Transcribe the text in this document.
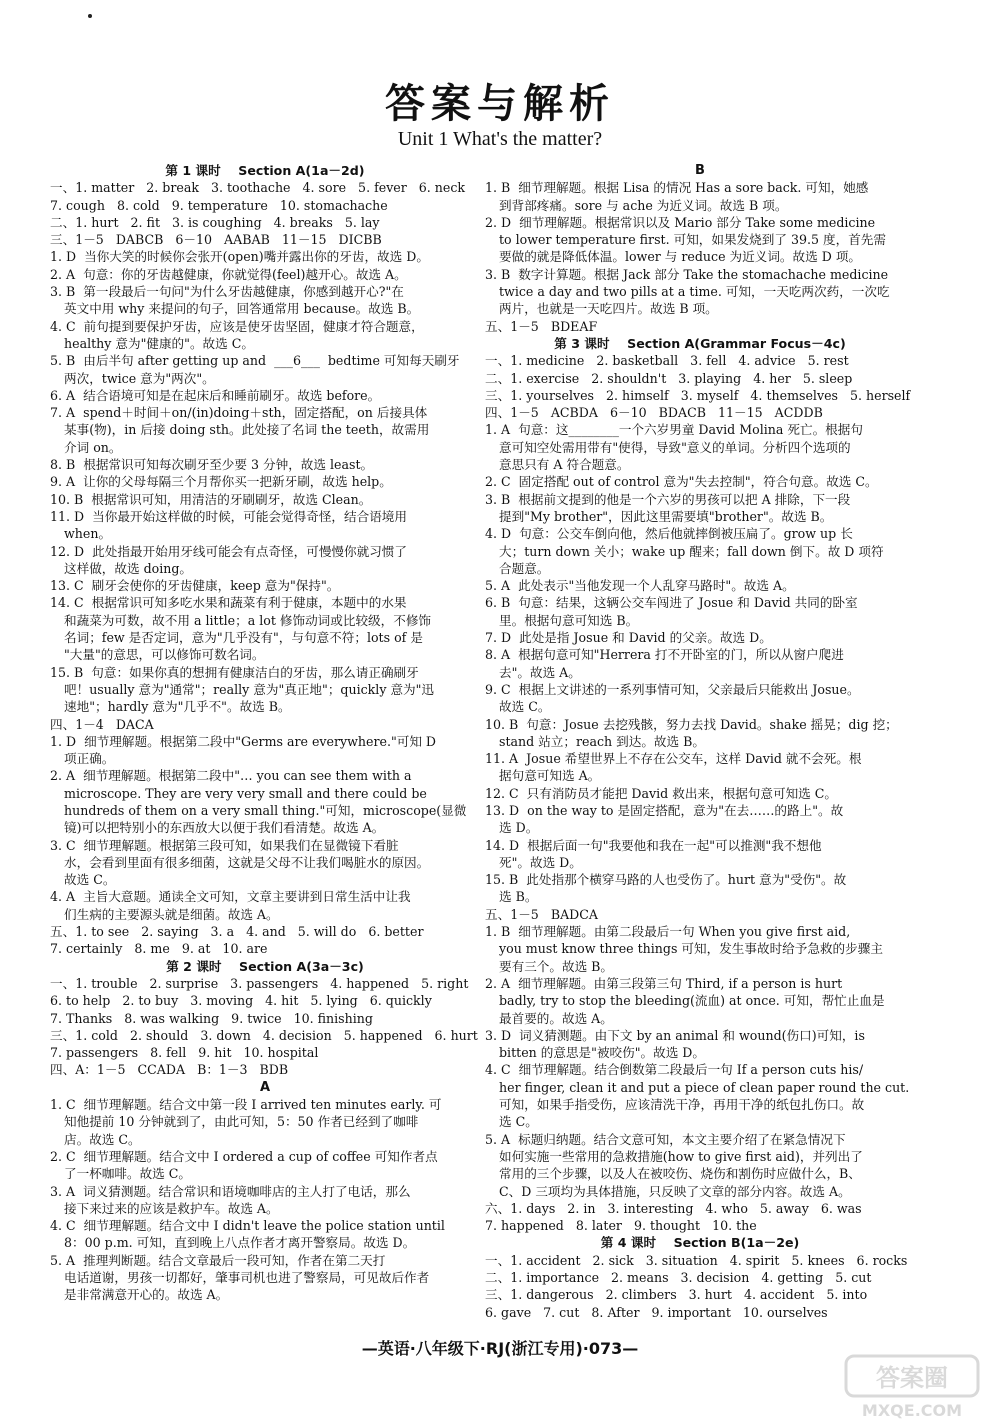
答案与解析
Unit 1 What's the matter?
第 1 课时    Section A(1a－2d)
一、1. matter   2. break   3. toothache   4. sore   5. fever   6. neck
7. cough   8. cold   9. temperature   10. stomachache
二、1. hurt   2. fit   3. is coughing   4. breaks   5. lay
三、1－5   DABCB   6－10   AABAB   11－15   DICBB
1. D  当你大笑的时候你会张开(open)嘴并露出你的牙齿，故选 D。
2. A  句意：你的牙齿越健康，你就觉得(feel)越开心。故选 A。
3. B  第一段最后一句问"为什么牙齿越健康，你感到越开心?"在
英文中用 why 来提问的句子，回答通常用 because。故选 B。
4. C  前句提到要保护牙齿，应该是使牙齿坚固，健康才符合题意，
healthy 意为"健康的"。故选 C。
5. B  由后半句 after getting up and  ___6___  bedtime 可知每天刷牙
两次，twice 意为"两次"。
6. A  结合语境可知是在起床后和睡前刷牙。故选 before。
7. A  spend＋时间＋on/(in)doing＋sth，固定搭配，on 后接具体
某事(物)，in 后接 doing sth。此处接了名词 the teeth，故需用
介词 on。
8. B  根据常识可知每次刷牙至少要 3 分钟，故选 least。
9. A  让你的父母每隔三个月帮你买一把新牙刷，故选 help。
10. B  根据常识可知，用清洁的牙刷刷牙，故选 Clean。
11. D  当你最开始这样做的时候，可能会觉得奇怪，结合语境用
when。
12. D  此处指最开始用牙线可能会有点奇怪，可慢慢你就习惯了
这样做，故选 doing。
13. C  刷牙会使你的牙齿健康，keep 意为"保持"。
14. C  根据常识可知多吃水果和蔬菜有利于健康，本题中的水果
和蔬菜为可数，故不用 a little；a lot 修饰动词或比较级，不修饰
名词；few 是否定词，意为"几乎没有"，与句意不符；lots of 是
"大量"的意思，可以修饰可数名词。
15. B  句意：如果你真的想拥有健康洁白的牙齿，那么请正确刷牙
吧！usually 意为"通常"；really 意为"真正地"；quickly 意为"迅
速地"；hardly 意为"几乎不"。故选 B。
四、1－4   DACA
1. D  细节理解题。根据第二段中"Germs are everywhere."可知 D
项正确。
2. A  细节理解题。根据第二段中"… you can see them with a
microscope. They are very very small and there could be
hundreds of them on a very small thing."可知，microscope(显微
镜)可以把特别小的东西放大以便于我们看清楚。故选 A。
3. C  细节理解题。根据第三段可知，如果我们在显微镜下看脏
水，会看到里面有很多细菌，这就是父母不让我们喝脏水的原因。
故选 C。
4. A  主旨大意题。通读全文可知，文章主要讲到日常生活中让我
们生病的主要源头就是细菌。故选 A。
五、1. to see   2. saying   3. a   4. and   5. will do   6. better
7. certainly   8. me   9. at   10. are
第 2 课时    Section A(3a－3c)
一、1. trouble   2. surprise   3. passengers   4. happened   5. right
6. to help   2. to buy   3. moving   4. hit   5. lying   6. quickly
7. Thanks   8. was walking   9. twice   10. finishing
三、1. cold   2. should   3. down   4. decision   5. happened   6. hurt
7. passengers   8. fell   9. hit   10. hospital
四、A：1－5   CCADA   B：1－3   BDB
A
1. C  细节理解题。结合文中第一段 I arrived ten minutes early. 可
知他提前 10 分钟就到了，由此可知，5：50 作者已经到了咖啡
店。故选 C。
2. C  细节理解题。结合文中 I ordered a cup of coffee 可知作者点
了一杯咖啡。故选 C。
3. A  词义猜测题。结合常识和语境咖啡店的主人打了电话，那么
接下来过来的应该是救护车。故选 A。
4. C  细节理解题。结合文中 I didn't leave the police station until
8：00 p.m. 可知，直到晚上八点作者才离开警察局。故选 D。
5. A  推理判断题。结合文章最后一段可知，作者在第二天打
电话道谢，男孩一切都好，肇事司机也进了警察局，可见故后作者
是非常满意开心的。故选 A。
B
1. B  细节理解题。根据 Lisa 的情况 Has a sore back. 可知，她感
到背部疼痛。sore 与 ache 为近义词。故选 B 项。
2. D  细节理解题。根据常识以及 Mario 部分 Take some medicine
to lower temperature first. 可知，如果发烧到了 39.5 度，首先需
要做的就是降低体温。lower 与 reduce 为近义词。故选 D 项。
3. B  数字计算题。根据 Jack 部分 Take the stomachache medicine
twice a day and two pills at a time. 可知，一天吃两次药，一次吃
两片，也就是一天吃四片。故选 B 项。
五、1－5   BDEAF
第 3 课时    Section A(Grammar Focus－4c)
一、1. medicine   2. basketball   3. fell   4. advice   5. rest
二、1. exercise   2. shouldn't   3. playing   4. her   5. sleep
三、1. yourselves   2. himself   3. myself   4. themselves   5. herself
四、1－5   ACBDA   6－10   BDACB   11－15   ACDDB
1. A  句意：这________一个六岁男童 David Molina 死亡。根据句
意可知空处需用带有"使得，导致"意义的单词。分析四个选项的
意思只有 A 符合题意。
2. C  固定搭配 out of control 意为"失去控制"，符合句意。故选 C。
3. B  根据前文提到的他是一个六岁的男孩可以把 A 排除，下一段
提到"My brother"，因此这里需要填"brother"。故选 B。
4. D  句意：公交车倒向他，然后他就摔倒被压扁了。grow up 长
大；turn down 关小；wake up 醒来；fall down 倒下。故 D 项符
合题意。
5. A  此处表示"当他发现一个人乱穿马路时"。故选 A。
6. B  句意：结果，这辆公交车闯进了 Josue 和 David 共同的卧室
里。根据句意可知选 B。
7. D  此处是指 Josue 和 David 的父亲。故选 D。
8. A  根据句意可知"Herrera 打不开卧室的门，所以从窗户爬进
去"。故选 A。
9. C  根据上文讲述的一系列事情可知，父亲最后只能救出 Josue。
故选 C。
10. B  句意：Josue 去挖残骸，努力去找 David。shake 摇晃；dig 挖；
stand 站立；reach 到达。故选 B。
11. A  Josue 希望世界上不存在公交车，这样 David 就不会死。根
据句意可知选 A。
12. C  只有消防员才能把 David 救出来，根据句意可知选 C。
13. D  on the way to 是固定搭配，意为"在去……的路上"。故
选 D。
14. D  根据后面一句"我要他和我在一起"可以推测"我不想他
死"。故选 D。
15. B  此处指那个横穿马路的人也受伤了。hurt 意为"受伤"。故
选 B。
五、1－5   BADCA
1. B  细节理解题。由第二段最后一句 When you give first aid,
you must know three things 可知，发生事故时给予急救的步骤主
要有三个。故选 B。
2. A  细节理解题。由第三段第三句 Third, if a person is hurt
badly, try to stop the bleeding(流血) at once. 可知，帮忙止血是
最首要的。故选 A。
3. D  词义猜测题。由下文 by an animal 和 wound(伤口)可知，is
bitten 的意思是"被咬伤"。故选 D。
4. C  细节理解题。结合倒数第二段最后一句 If a person cuts his/
her finger, clean it and put a piece of clean paper round the cut.
可知，如果手指受伤，应该清洗干净，再用干净的纸包扎伤口。故
选 C。
5. A  标题归纳题。结合文意可知，本文主要介绍了在紧急情况下
如何实施一些常用的急救措施(how to give first aid)，并列出了
常用的三个步骤，以及人在被咬伤、烧伤和割伤时应做什么，B、
C、D 三项均为具体措施，只反映了文章的部分内容。故选 A。
六、1. days   2. in   3. interesting   4. who   5. away   6. was
7. happened   8. later   9. thought   10. the
第 4 课时    Section B(1a－2e)
一、1. accident   2. sick   3. situation   4. spirit   5. knees   6. rocks
二、1. importance   2. means   3. decision   4. getting   5. cut
三、1. dangerous   2. climbers   3. hurt   4. accident   5. into
6. gave   7. cut   8. After   9. important   10. ourselves
—英语·八年级下·RJ(浙江专用)·073—
答案圈
MXQE.COM
